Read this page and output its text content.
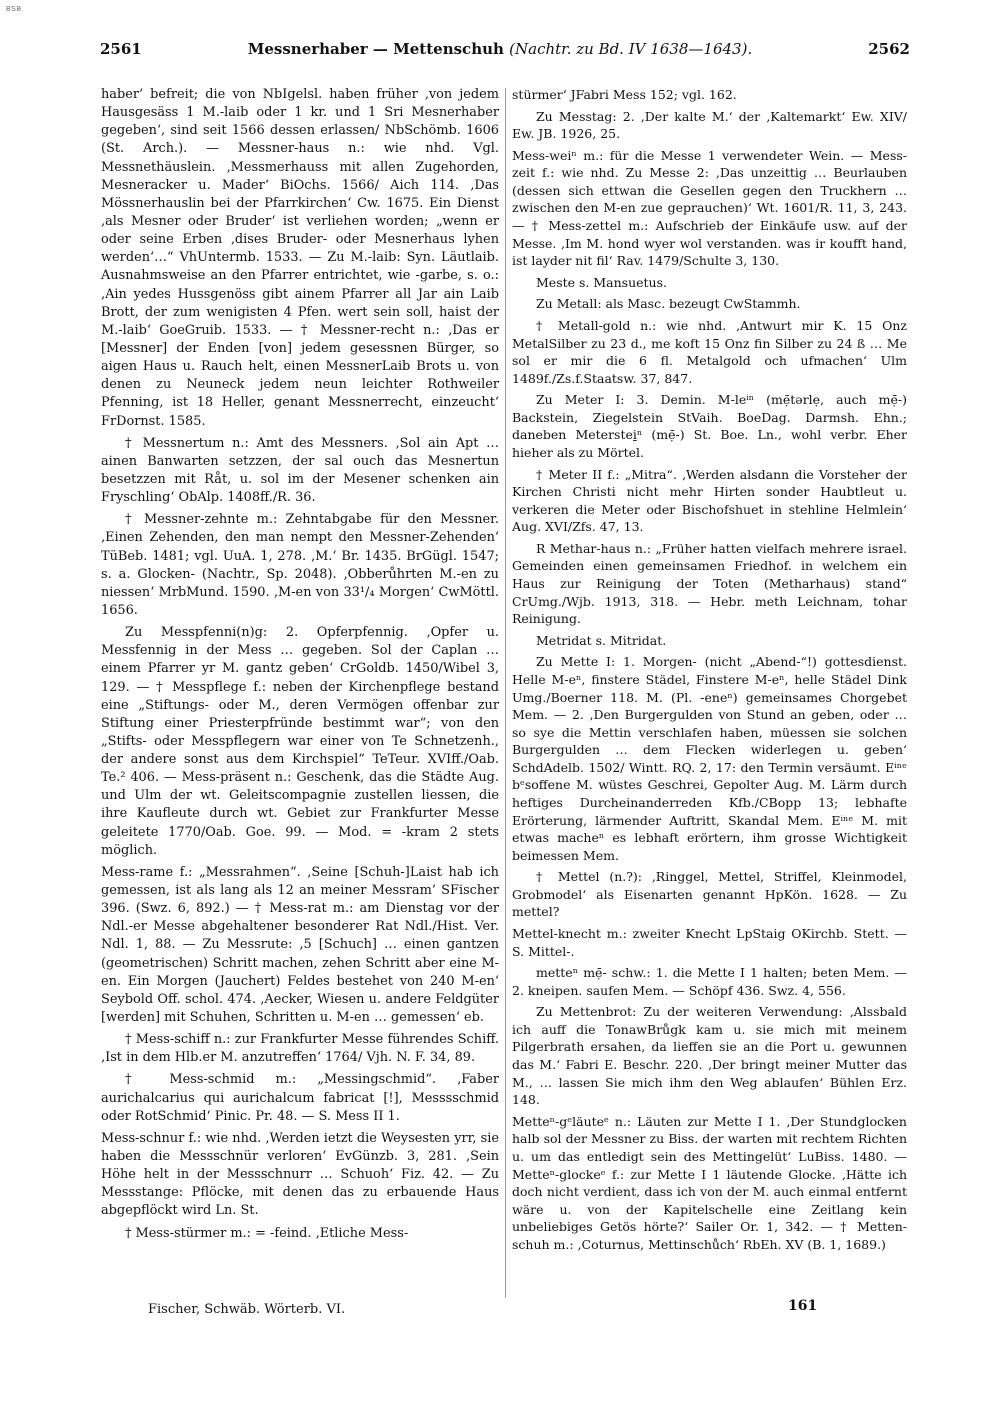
BSB
2561	Messnerhaber — Mettenschuh (Nachtr. zu Bd. IV 1638—1643).	2562

haber‘ befreit; die von NbIgelsl. haben früher ‚von jedem Hausgesäss 1 M.-laib oder 1 kr. und 1 Sri Mesnerhaber gegeben‘, sind seit 1566 dessen erlassen/ NbSchömb. 1606 (St. Arch.). — Messner-haus n.: wie nhd. Vgl. Messnethäuslein. ‚Messmerhauss mit allen Zugehorden, Mesneracker u. Mader‘ BiOchs. 1566/ Aich 114. ‚Das Mössnerhauslin bei der Pfarrkirchen‘ Cw. 1675. Ein Dienst ‚als Mesner oder Bruder‘ ist verliehen worden; „wenn er oder seine Erben ‚dises Bruder- oder Mesnerhaus lyhen werden‘…“ VhUntermb. 1533. — Zu M.-laib: Syn. Läutlaib. Ausnahmsweise an den Pfarrer entrichtet, wie -garbe, s. o.: ‚Ain yedes Hussgenöss gibt ainem Pfarrer all Jar ain Laib Brott, der zum wenigisten 4 Pfen. wert sein soll, haist der M.-laib‘ GoeGruib. 1533. — † Messner-recht n.: ‚Das er [Messner] der Enden [von] jedem gesessnen Bürger, so aigen Haus u. Rauch helt, einen MessnerLaib Brots u. von denen zu Neuneck jedem neun leichter Rothweiler Pfenning, ist 18 Heller, genant Messnerrecht, einzeucht‘ FrDornst. 1585.

† Messnertum n.: Amt des Messners. ‚Sol ain Apt … ainen Banwarten setzzen, der sal ouch das Mesnertun besetzzen mit Råt, u. sol im der Mesener schenken ain Fryschling‘ ObAlp. 1408ff./R. 36.

† Messner-zehnte m.: Zehntabgabe für den Messner. ‚Einen Zehenden, den man nempt den Messner-Zehenden‘ TüBeb. 1481; vgl. UuA. 1, 278. ‚M.‘ Br. 1435. BrGügl. 1547; s. a. Glocken- (Nachtr., Sp. 2048). ‚Obberůhrten M.-en zu niessen‘ MrbMund. 1590. ‚M-en von 33¹/₄ Morgen‘ CwMöttl. 1656.

Zu Messpfenni(n)g: 2. Opferpfennig. ‚Opfer u. Messfennig in der Mess … gegeben. Sol der Caplan … einem Pfarrer yr M. gantz geben‘ CrGoldb. 1450/Wibel 3, 129. — † Messpflege f.: neben der Kirchenpflege bestand eine „Stiftungs- oder M., deren Vermögen offenbar zur Stiftung einer Priesterpfründe bestimmt war“; von den „Stifts- oder Messpflegern war einer von Te Schnetzenh., der andere sonst aus dem Kirchspiel“ TeTeur. XVIff./Oab. Te.² 406. — Mess-präsent n.: Geschenk, das die Städte Aug. und Ulm der wt. Geleitscompagnie zustellen liessen, die ihre Kaufleute durch wt. Gebiet zur Frankfurter Messe geleitete 1770/Oab. Goe. 99. — Mod. = -kram 2 stets möglich.

Mess-rame f.: „Messrahmen“. ‚Seine [Schuh-]Laist hab ich gemessen, ist als lang als 12 an meiner Messram‘ SFischer 396. (Swz. 6, 892.) — † Mess-rat m.: am Dienstag vor der Ndl.-er Messe abgehaltener besonderer Rat Ndl./Hist. Ver. Ndl. 1, 88. — Zu Messrute: ‚5 [Schuch] … einen gantzen (geometrischen) Schritt machen, zehen Schritt aber eine M-en. Ein Morgen (Jauchert) Feldes bestehet von 240 M-en‘ Seybold Off. schol. 474. ‚Aecker, Wiesen u. andere Feldgüter [werden] mit Schuhen, Schritten u. M-en … gemessen‘ eb.

† Mess-schiff n.: zur Frankfurter Messe führendes Schiff. ‚Ist in dem Hlb.er M. anzutreffen‘ 1764/ Vjh. N. F. 34, 89.

† Mess-schmid m.: „Messingschmid“. ‚Faber aurichalcarius qui aurichalcum fabricat [!], Messsschmid oder RotSchmid‘ Pinic. Pr. 48. — S. Mess II 1.

Mess-schnur f.: wie nhd. ‚Werden ietzt die Weysesten yrr, sie haben die Messschnür verloren‘ EvGünzb. 3, 281. ‚Sein Höhe helt in der Messschnurr … Schuoh‘ Fiz. 42. — Zu Messstange: Pflöcke, mit denen das zu erbauende Haus abgepflöckt wird Ln. St.

† Mess-stürmer m.: = -feind. ‚Etliche Mess-

stürmer‘ JFabri Mess 152; vgl. 162.

Zu Messtag: 2. ‚Der kalte M.‘ der ‚Kaltemarkt‘ Ew. XIV/ Ew. JB. 1926, 25.

Mess-weiⁿ m.: für die Messe 1 verwendeter Wein. — Mess-zeit f.: wie nhd. Zu Messe 2: ‚Das unzeittig … Beurlauben (dessen sich ettwan die Gesellen gegen den Truckhern … zwischen den M-en zue geprauchen)‘ Wt. 1601/R. 11, 3, 243. — † Mess-zettel m.: Aufschrieb der Einkäufe usw. auf der Messe. ‚Im M. hond wyer wol verstanden. was ir koufft hand, ist layder nit fil‘ Rav. 1479/Schulte 3, 130.

Meste s. Mansuetus.

Zu Metall: als Masc. bezeugt CwStammh.

† Metall-gold n.: wie nhd. ‚Antwurt mir K. 15 Onz MetalSilber zu 23 d., me koft 15 Onz fin Silber zu 24 ß … Me sol er mir die 6 fl. Metalgold och ufmachen‘ Ulm 1489f./Zs.f.Staatsw. 37, 847.

Zu Meter I: 3. Demin. M-leⁱⁿ (mẹ̄tərlẹ, auch mẹ̄-) Backstein, Ziegelstein StVaih. BoeDag. Darmsh. Ehn.; daneben Meterstei̱ⁿ (mẹ̄-) St. Boe. Ln., wohl verbr. Eher hieher als zu Mörtel.

† Meter II f.: „Mitra“. ‚Werden alsdann die Vorsteher der Kirchen Christi nicht mehr Hirten sonder Haubtleut u. verkeren die Meter oder Bischofshuet in stehline Helmlein‘ Aug. XVI/Zfs. 47, 13.

R Methar-haus n.: „Früher hatten vielfach mehrere israel. Gemeinden einen gemeinsamen Friedhof. in welchem ein Haus zur Reinigung der Toten (Metharhaus) stand“ CrUmg./Wjb. 1913, 318. — Hebr. meth Leichnam, tohar Reinigung.

Metridat s. Mitridat.

Zu Mette I: 1. Morgen- (nicht „Abend-“!) gottesdienst. Helle M-eⁿ, finstere Städel, Finstere M-eⁿ, helle Städel Dink Umg./Boerner 118. M. (Pl. -eneⁿ) gemeinsames Chorgebet Mem. — 2. ‚Den Burgergulden von Stund an geben, oder … so sye die Mettin verschlafen haben, müessen sie solchen Burgergulden … dem Flecken widerlegen u. geben‘ SchdAdelb. 1502/ Wintt. RQ. 2, 17: den Termin versäumt. Eⁱⁿᵉ bᵉsoffene M. wüstes Geschrei, Gepolter Aug. M. Lärm durch heftiges Durcheinanderreden Kfb./CBopp 13; lebhafte Erörterung, lärmender Auftritt, Skandal Mem. Eⁱⁿᵉ M. mit etwas macheⁿ es lebhaft erörtern, ihm grosse Wichtigkeit beimessen Mem.

† Mettel (n.?): ‚Ringgel, Mettel, Striffel, Kleinmodel, Grobmodel‘ als Eisenarten genannt HpKön. 1628. — Zu mettel?

Mettel-knecht m.: zweiter Knecht LpStaig OKirchb. Stett. — S. Mittel-.

metteⁿ mẹ̄- schw.: 1. die Mette I 1 halten; beten Mem. — 2. kneipen. saufen Mem. — Schöpf 436. Swz. 4, 556.

Zu Mettenbrot: Zu der weiteren Verwendung: ‚Alssbald ich auff die TonawBrůgk kam u. sie mich mit meinem Pilgerbrath ersahen, da lieffen sie an die Port u. gewunnen das M.‘ Fabri E. Beschr. 220. ‚Der bringt meiner Mutter das M., … lassen Sie mich ihm den Weg ablaufen‘ Bühlen Erz. 148.

Metteⁿ-gᵉläuteᵉ n.: Läuten zur Mette I 1. ‚Der Stundglocken halb sol der Messner zu Biss. der warten mit rechtem Richten u. um das entledigt sein des Mettingelüt‘ LuBiss. 1480. — Metteⁿ-glockeᵉ f.: zur Mette I 1 läutende Glocke. ‚Hätte ich doch nicht verdient, dass ich von der M. auch einmal entfernt wäre u. von der Kapitelschelle eine Zeitlang kein unbeliebiges Getös hörte?‘ Sailer Or. 1, 342. — † Metten-schuh m.: ‚Coturnus, Mettinschůch‘ RbEh. XV (B. 1, 1689.)

Fischer, Schwäb. Wörterb. VI.	161
